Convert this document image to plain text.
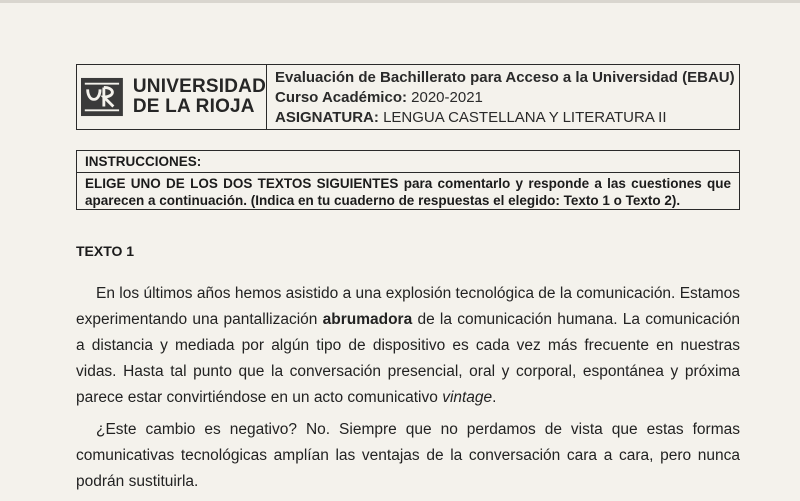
UNIVERSIDAD
DE LA RIOJA
Evaluación de Bachillerato para Acceso a la Universidad (EBAU)
Curso Académico: 2020-2021
ASIGNATURA: LENGUA CASTELLANA Y LITERATURA II
INSTRUCCIONES:
ELIGE UNO DE LOS DOS TEXTOS SIGUIENTES para comentarlo y responde a las cuestiones que aparecen a continuación. (Indica en tu cuaderno de respuestas el elegido: Texto 1 o Texto 2).
TEXTO 1

En los últimos años hemos asistido a una explosión tecnológica de la comunicación. Estamos experimentando una pantallización abrumadora de la comunicación humana. La comunicación a distancia y mediada por algún tipo de dispositivo es cada vez más frecuente en nuestras vidas. Hasta tal punto que la conversación presencial, oral y corporal, espontánea y próxima parece estar convirtiéndose en un acto comunicativo vintage.

¿Este cambio es negativo? No. Siempre que no perdamos de vista que estas formas comunicativas tecnológicas amplían las ventajas de la conversación cara a cara, pero nunca podrán sustituirla.
